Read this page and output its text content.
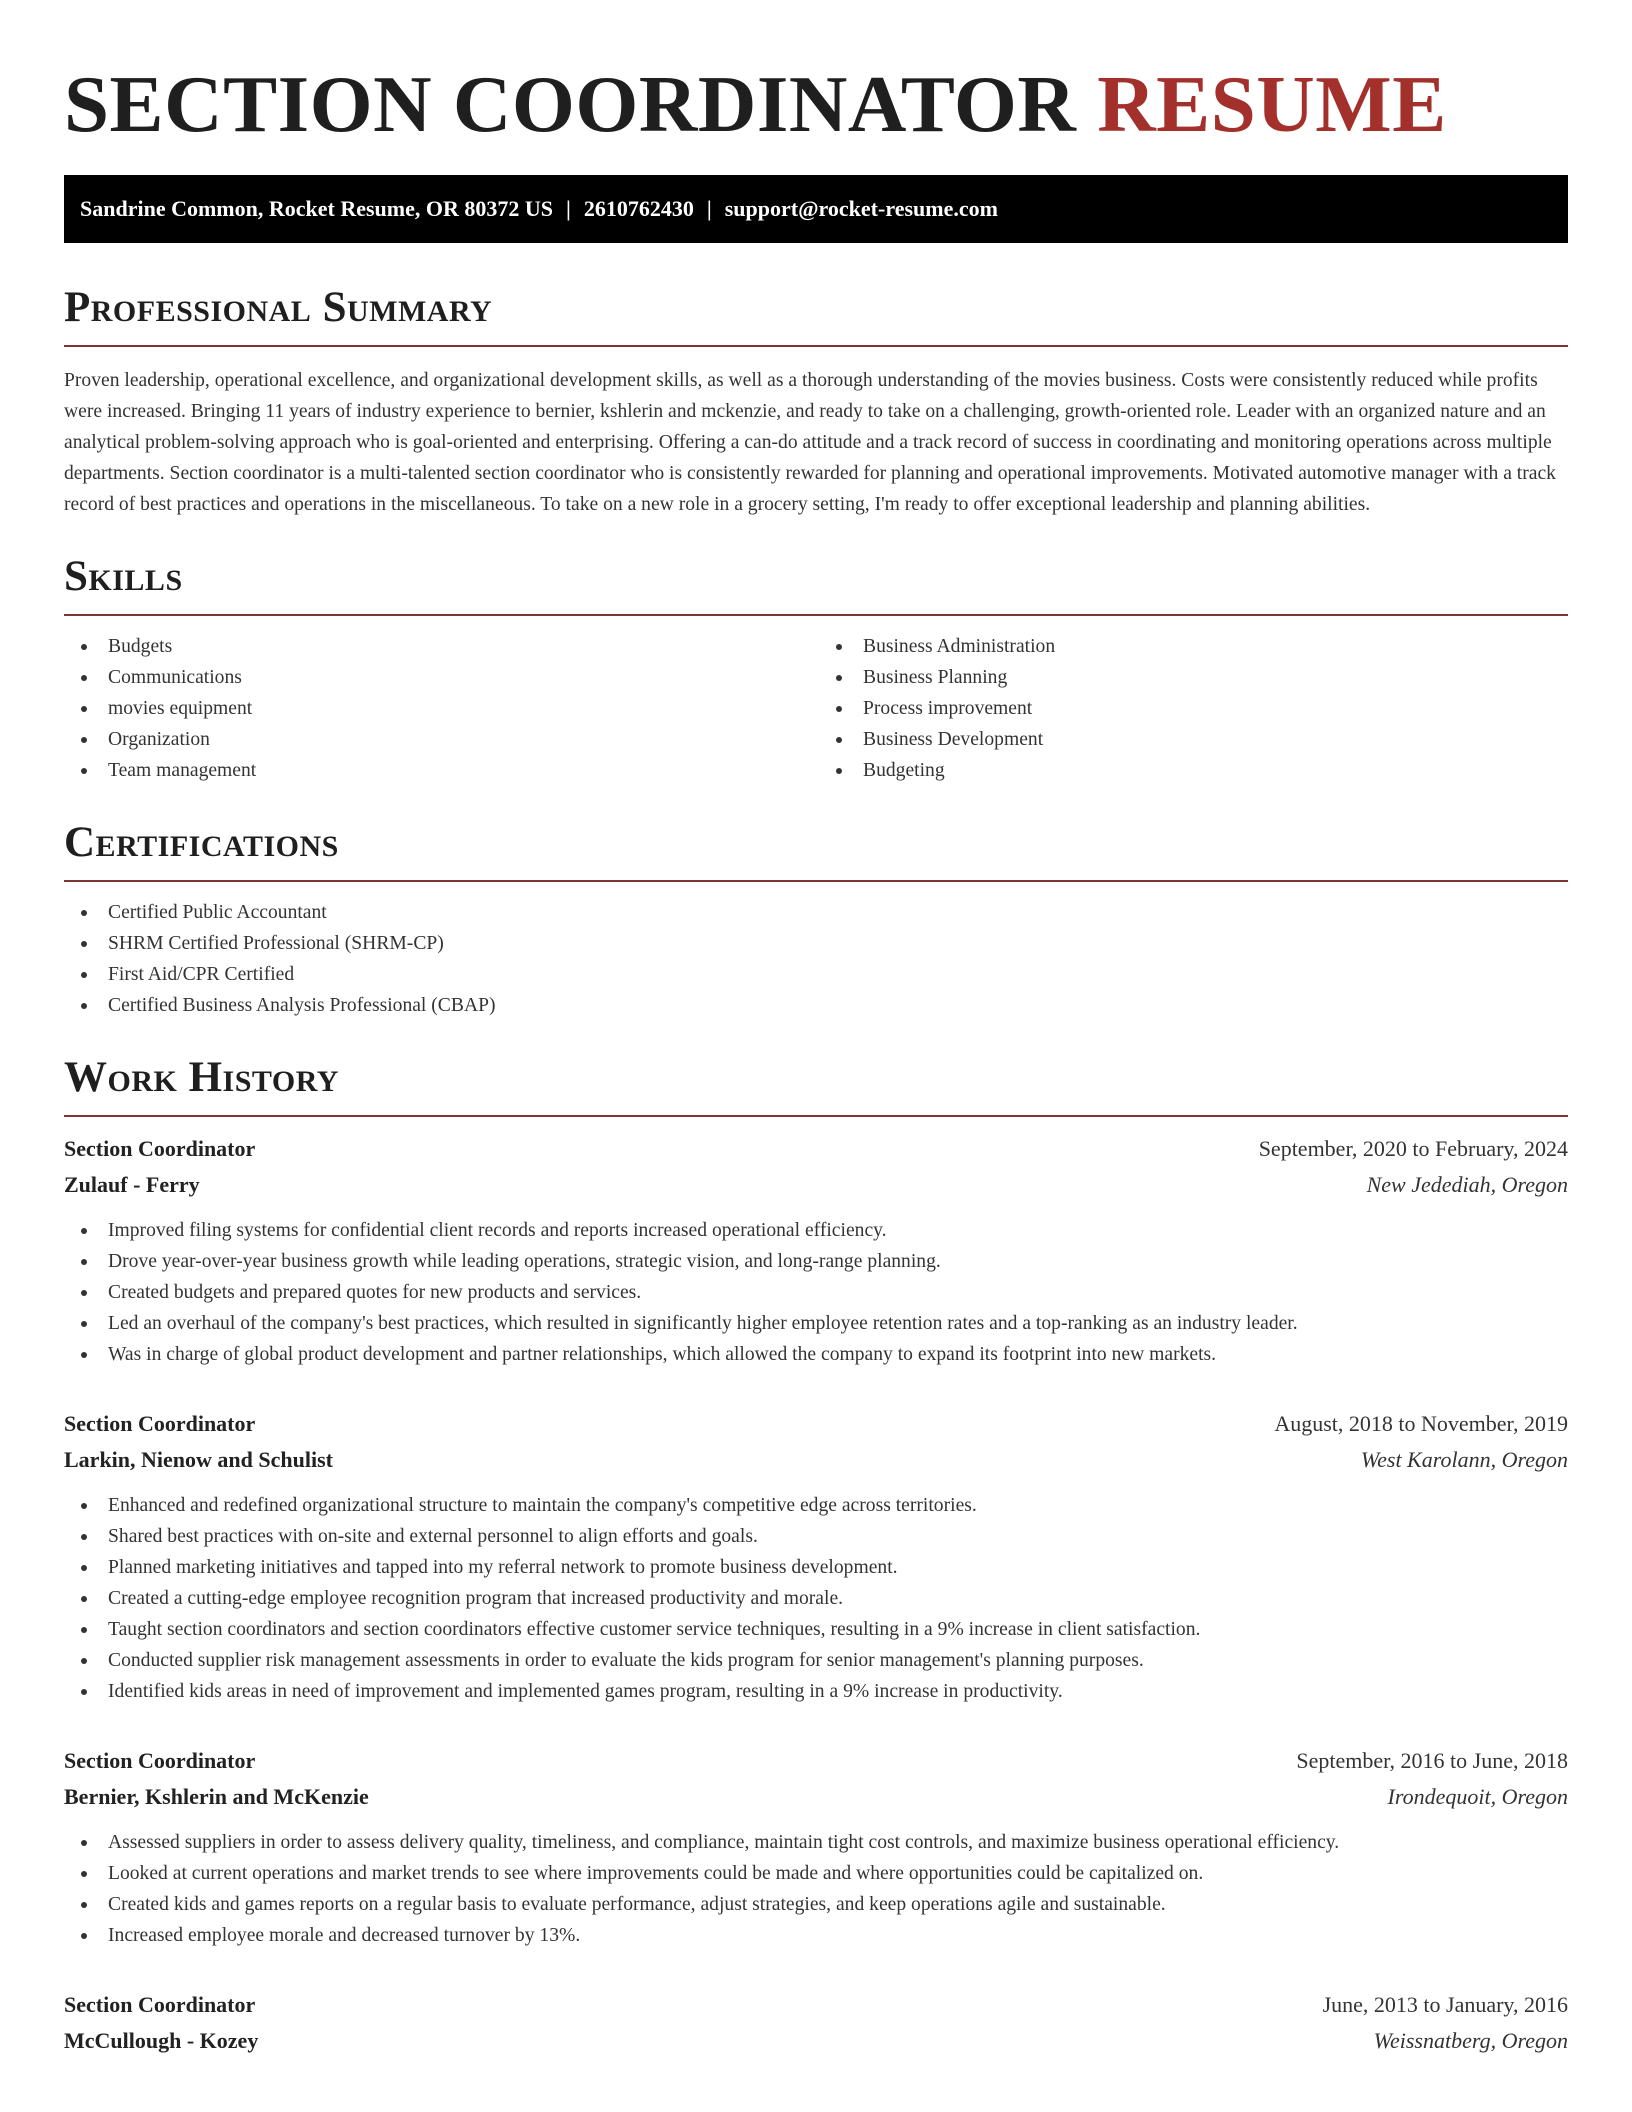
SECTION COORDINATOR RESUME
Sandrine Common, Rocket Resume, OR 80372 US | 2610762430 | support@rocket-resume.com
Professional Summary

Proven leadership, operational excellence, and organizational development skills, as well as a thorough understanding of the movies business. Costs were consistently reduced while profits were increased. Bringing 11 years of industry experience to bernier, kshlerin and mckenzie, and ready to take on a challenging, growth-oriented role. Leader with an organized nature and an analytical problem-solving approach who is goal-oriented and enterprising. Offering a can-do attitude and a track record of success in coordinating and monitoring operations across multiple departments. Section coordinator is a multi-talented section coordinator who is consistently rewarded for planning and operational improvements. Motivated automotive manager with a track record of best practices and operations in the miscellaneous. To take on a new role in a grocery setting, I'm ready to offer exceptional leadership and planning abilities.

Skills
Budgets
Communications
movies equipment
Organization
Team management
Business Administration
Business Planning
Process improvement
Business Development
Budgeting
Certifications
Certified Public Accountant
SHRM Certified Professional (SHRM-CP)
First Aid/CPR Certified
Certified Business Analysis Professional (CBAP)
Work History
Section Coordinator	September, 2020 to February, 2024
Zulauf - Ferry	New Jedediah, Oregon
Improved filing systems for confidential client records and reports increased operational efficiency.
Drove year-over-year business growth while leading operations, strategic vision, and long-range planning.
Created budgets and prepared quotes for new products and services.
Led an overhaul of the company's best practices, which resulted in significantly higher employee retention rates and a top-ranking as an industry leader.
Was in charge of global product development and partner relationships, which allowed the company to expand its footprint into new markets.
Section Coordinator	August, 2018 to November, 2019
Larkin, Nienow and Schulist	West Karolann, Oregon
Enhanced and redefined organizational structure to maintain the company's competitive edge across territories.
Shared best practices with on-site and external personnel to align efforts and goals.
Planned marketing initiatives and tapped into my referral network to promote business development.
Created a cutting-edge employee recognition program that increased productivity and morale.
Taught section coordinators and section coordinators effective customer service techniques, resulting in a 9% increase in client satisfaction.
Conducted supplier risk management assessments in order to evaluate the kids program for senior management's planning purposes.
Identified kids areas in need of improvement and implemented games program, resulting in a 9% increase in productivity.
Section Coordinator	September, 2016 to June, 2018
Bernier, Kshlerin and McKenzie	Irondequoit, Oregon
Assessed suppliers in order to assess delivery quality, timeliness, and compliance, maintain tight cost controls, and maximize business operational efficiency.
Looked at current operations and market trends to see where improvements could be made and where opportunities could be capitalized on.
Created kids and games reports on a regular basis to evaluate performance, adjust strategies, and keep operations agile and sustainable.
Increased employee morale and decreased turnover by 13%.
Section Coordinator	June, 2013 to January, 2016
McCullough - Kozey	Weissnatberg, Oregon
